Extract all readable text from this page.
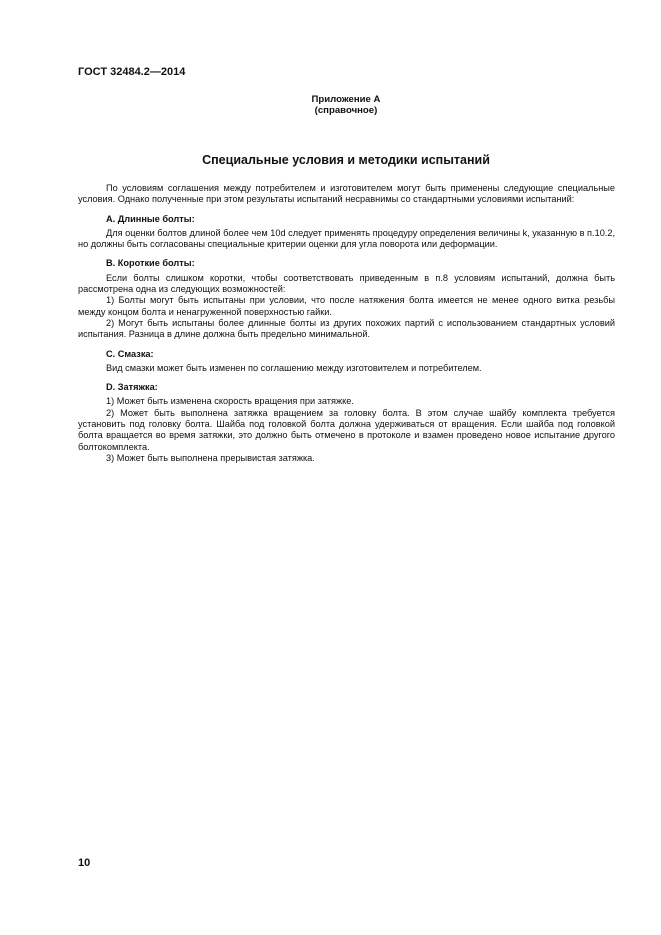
ГОСТ 32484.2—2014
Приложение А
(справочное)
Специальные условия и методики испытаний

По условиям соглашения между потребителем и изготовителем могут быть применены следующие специальные условия. Однако полученные при этом результаты испытаний несравнимы со стандартными условиями испытаний:

А. Длинные болты:

Для оценки болтов длиной более чем 10d следует применять процедуру определения величины k, указанную в п.10.2, но должны быть согласованы специальные критерии оценки для угла поворота или деформации.

В. Короткие болты:

Если болты слишком коротки, чтобы соответствовать приведенным в п.8 условиям испытаний, должна быть рассмотрена одна из следующих возможностей:

1) Болты могут быть испытаны при условии, что после натяжения болта имеется не менее одного витка резьбы между концом болта и ненагруженной поверхностью гайки.

2) Могут быть испытаны более длинные болты из других похожих партий с использованием стандартных условий испытания. Разница в длине должна быть предельно минимальной.

С. Смазка:

Вид смазки может быть изменен по соглашению между изготовителем и потребителем.

D. Затяжка:

1) Может быть изменена скорость вращения при затяжке.

2) Может быть выполнена затяжка вращением за головку болта. В этом случае шайбу комплекта требуется установить под головку болта. Шайба под головкой болта должна удерживаться от вращения. Если шайба под головкой болта вращается во время затяжки, это должно быть отмечено в протоколе и взамен проведено новое испытание другого болтокомплекта.

3) Может быть выполнена прерывистая затяжка.

10
